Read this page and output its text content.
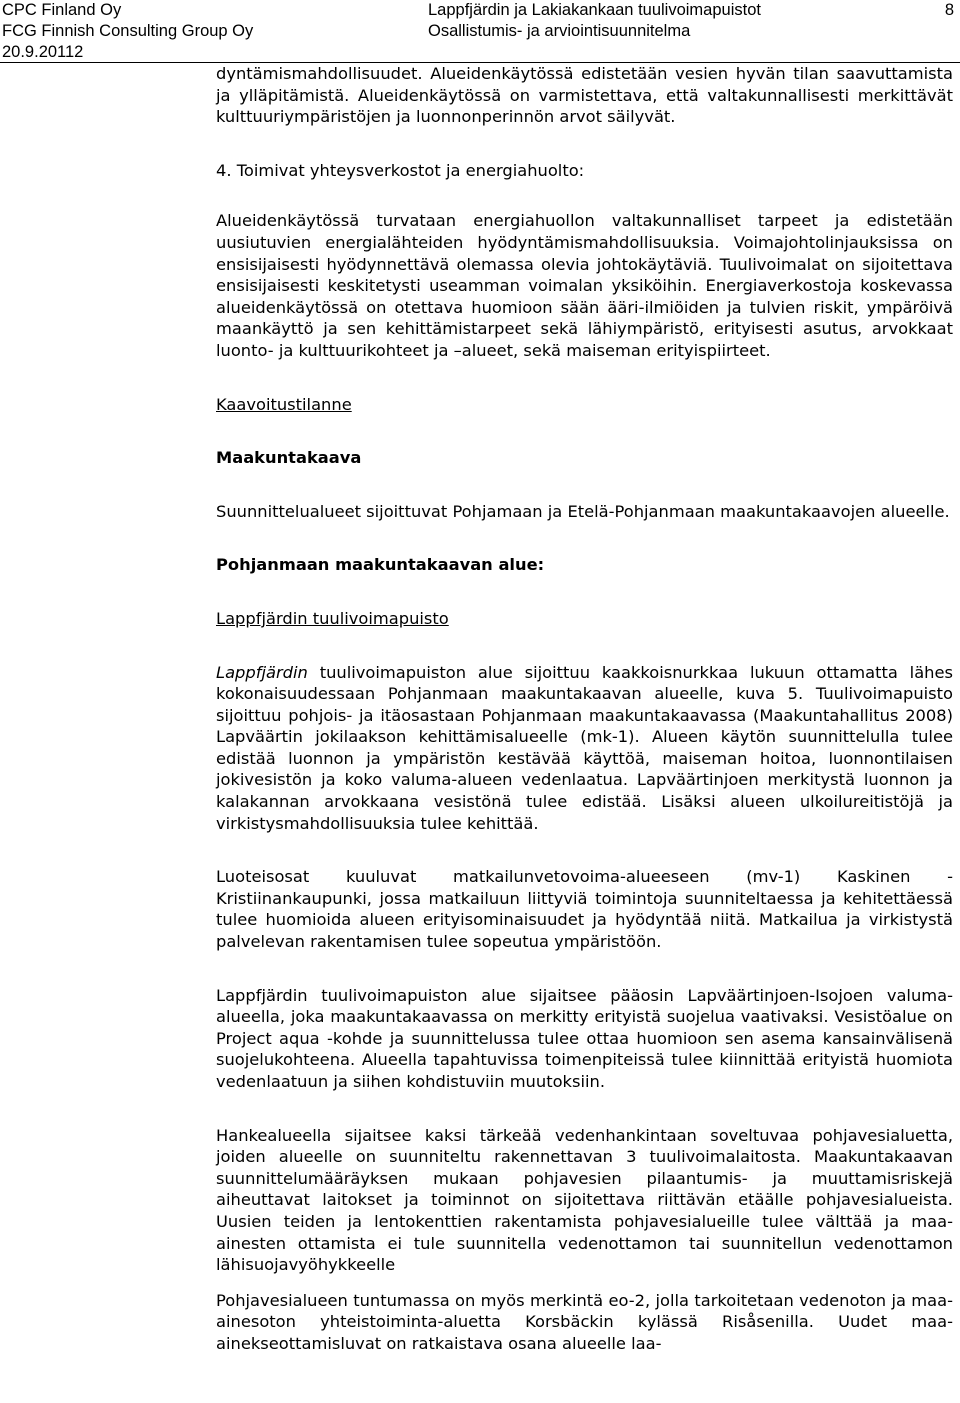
CPC Finland Oy
FCG Finnish Consulting Group Oy
20.9.20112
Lappfjärdin ja Lakiakankaan tuulivoimapuistot
Osallistumis- ja arviointisuunnitelma
8

dyntämismahdollisuudet. Alueidenkäytössä edistetään vesien hyvän tilan saavuttamista ja ylläpitämistä. Alueidenkäytössä on varmistettava, että valtakunnallisesti merkittävät kulttuuriympäristöjen ja luonnonperinnön arvot säilyvät.

4. Toimivat yhteysverkostot ja energiahuolto:

Alueidenkäytössä turvataan energiahuollon valtakunnalliset tarpeet ja edistetään uusiutuvien energialähteiden hyödyntämismahdollisuuksia. Voimajohtolinjauksissa on ensisijaisesti hyödynnettävä olemassa olevia johtokäytäviä. Tuulivoimalat on sijoitettava ensisijaisesti keskitetysti useamman voimalan yksiköihin. Energiaverkostoja koskevassa alueidenkäytössä on otettava huomioon sään ääri-ilmiöiden ja tulvien riskit, ympäröivä maankäyttö ja sen kehittämistarpeet sekä lähiympäristö, erityisesti asutus, arvokkaat luonto- ja kulttuurikohteet ja –alueet, sekä maiseman erityispiirteet.

Kaavoitustilanne

Maakuntakaava

Suunnittelualueet sijoittuvat Pohjamaan ja Etelä-Pohjanmaan maakuntakaavojen alueelle.

Pohjanmaan maakuntakaavan alue:

Lappfjärdin tuulivoimapuisto

Lappfjärdin tuulivoimapuiston alue sijoittuu kaakkoisnurkkaa lukuun ottamatta lähes kokonaisuudessaan Pohjanmaan maakuntakaavan alueelle, kuva 5. Tuulivoimapuisto sijoittuu pohjois- ja itäosastaan Pohjanmaan maakuntakaavassa (Maakuntahallitus 2008) Lapväärtin jokilaakson kehittämisalueelle (mk-1). Alueen käytön suunnittelulla tulee edistää luonnon ja ympäristön kestävää käyttöä, maiseman hoitoa, luonnontilaisen jokivesistön ja koko valuma-alueen vedenlaatua. Lapväärtinjoen merkitystä luonnon ja kalakannan arvokkaana vesistönä tulee edistää. Lisäksi alueen ulkoilureitistöjä ja virkistysmahdollisuuksia tulee kehittää.

Luoteisosat kuuluvat matkailunvetovoima-alueeseen (mv-1) Kaskinen - Kristiinankaupunki, jossa matkailuun liittyviä toimintoja suunniteltaessa ja kehitettäessä tulee huomioida alueen erityisominaisuudet ja hyödyntää niitä. Matkailua ja virkistystä palvelevan rakentamisen tulee sopeutua ympäristöön.

Lappfjärdin tuulivoimapuiston alue sijaitsee pääosin Lapväärtinjoen-Isojoen valuma-alueella, joka maakuntakaavassa on merkitty erityistä suojelua vaativaksi. Vesistöalue on Project aqua -kohde ja suunnittelussa tulee ottaa huomioon sen asema kansainvälisenä suojelukohteena. Alueella tapahtuvissa toimenpiteissä tulee kiinnittää erityistä huomiota vedenlaatuun ja siihen kohdistuviin muutoksiin.

Hankealueella sijaitsee kaksi tärkeää vedenhankintaan soveltuvaa pohjavesialuetta, joiden alueelle on suunniteltu rakennettavan 3 tuulivoimalaitosta. Maakuntakaavan suunnittelumääräyksen mukaan pohjavesien pilaantumis- ja muuttamisriskejä aiheuttavat laitokset ja toiminnot on sijoitettava riittävän etäälle pohjavesialueista. Uusien teiden ja lentokenttien rakentamista pohjavesialueille tulee välttää ja maa-ainesten ottamista ei tule suunnitella vedenottamon tai suunnitellun vedenottamon lähisuojavyöhykkeelle

Pohjavesialueen tuntumassa on myös merkintä eo-2, jolla tarkoitetaan vedenoton ja maa-ainesoton yhteistoiminta-aluetta Korsbäckin kylässä Risåsenilla. Uudet maa-ainekseottamisluvat on ratkaistava osana alueelle laa-
